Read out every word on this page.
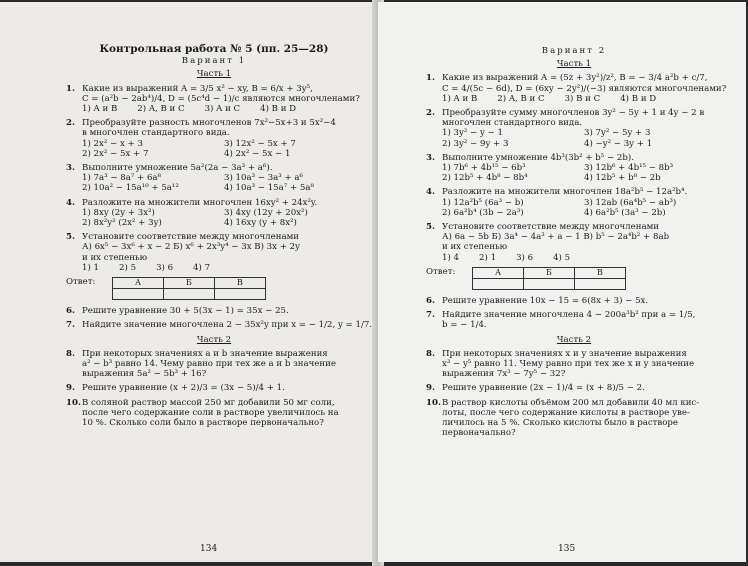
Контрольная работа № 5 (пп. 25—28)
Вариант 1
Часть 1
1. Какие из выражений A = 3/5 x² − xy, B = 6/x + 3y⁵,
C = (a²b − 2ab⁴)/4, D = (5c⁴d − 1)/c являются многочленами?
1) A и B 2) A, B и C 3) A и C 4) B и D
2. Преобразуйте разность многочленов 7x²−5x+3 и 5x²−4
в многочлен стандартного вида.
1) 2x² − x + 3	3) 12x² − 5x + 7
2) 2x² − 5x + 7	4) 2x² − 5x − 1
3. Выполните умножение 5a²(2a − 3a³ + a⁶).
1) 7a³ − 8a⁷ + 6a⁸	3) 10a³ − 3a³ + a⁶
2) 10a² − 15a¹⁰ + 5a¹²	4) 10a³ − 15a⁷ + 5a⁸
4. Разложите на множители многочлен 16xy² + 24x²y.
1) 8xy (2y + 3x²)	3) 4xy (12y + 20x²)
2) 8x²y² (2x² + 3y)	4) 16xy (y + 8x²)
5. Установите соответствие между многочленами
А) 6x⁵ − 3x⁶ + x − 2 Б) x⁶ + 2x³y⁴ − 3x В) 3x + 2y
и их степенью
1) 1 2) 5 3) 6 4) 7
Ответ:	А	Б	В

6. Решите уравнение 30 + 5(3x − 1) = 35x − 25.
7. Найдите значение многочлена 2 − 35x²y при x = − 1/2, y = 1/7.
Часть 2
8. При некоторых значениях a и b значение выражения
a² − b³ равно 14. Чему равно при тех же a и b значение
выражения 5a² − 5b³ + 16?
9. Решите уравнение (x + 2)/3 = (3x − 5)/4 + 1.
10. В соляной раствор массой 250 мг добавили 50 мг соли,
после чего содержание соли в растворе увеличилось на
10 %. Сколько соли было в растворе первоначально?
134
Вариант 2
Часть 1
1. Какие из выражений A = (5z + 3y²)/z², B = − 3/4 a²b + c/7,
C = 4/(5c − 6d), D = (6xy − 2y²)/(−3) являются многочленами?
1) A и B 2) A, B и C 3) B и C 4) B и D
2. Преобразуйте сумму многочленов 3y² − 5y + 1 и 4y − 2 в
многочлен стандартного вида.
1) 3y² − y − 1	3) 7y² − 5y + 3
2) 3y² − 9y + 3	4) −y² − 3y + 1
3. Выполните умножение 4b³(3b² + b⁵ − 2b).
1) 7b⁶ + 4b¹⁵ − 6b³	3) 12b⁶ + 4b¹⁵ − 8b³
2) 12b⁵ + 4b⁸ − 8b⁴	4) 12b⁵ + b⁸ − 2b
4. Разложите на множители многочлен 18a²b⁵ − 12a²b⁴.
1) 12a²b⁵ (6a³ − b)	3) 12ab (6a⁴b⁵ − ab³)
2) 6a²b⁴ (3b − 2a³)	4) 6a²b⁵ (3a³ − 2b)
5. Установите соответствие между многочленами
А) 6a − 5b Б) 3a⁴ − 4a³ + a − 1 В) b⁵ − 2a⁴b² + 8ab
и их степенью
1) 4 2) 1 3) 6 4) 5
Ответ:	А	Б	В

6. Решите уравнение 10x − 15 = 6(8x + 3) − 5x.
7. Найдите значение многочлена 4 − 200a³b² при a = 1/5,
b = − 1/4.
Часть 2
8. При некоторых значениях x и y значение выражения
x³ − y⁵ равно 11. Чему равно при тех же x и y значение
выражения 7x³ − 7y⁵ − 32?
9. Решите уравнение (2x − 1)/4 = (x + 8)/5 − 2.
10. В раствор кислоты объёмом 200 мл добавили 40 мл кис-
лоты, после чего содержание кислоты в растворе уве-
личилось на 5 %. Сколько кислоты было в растворе
первоначально?
135
